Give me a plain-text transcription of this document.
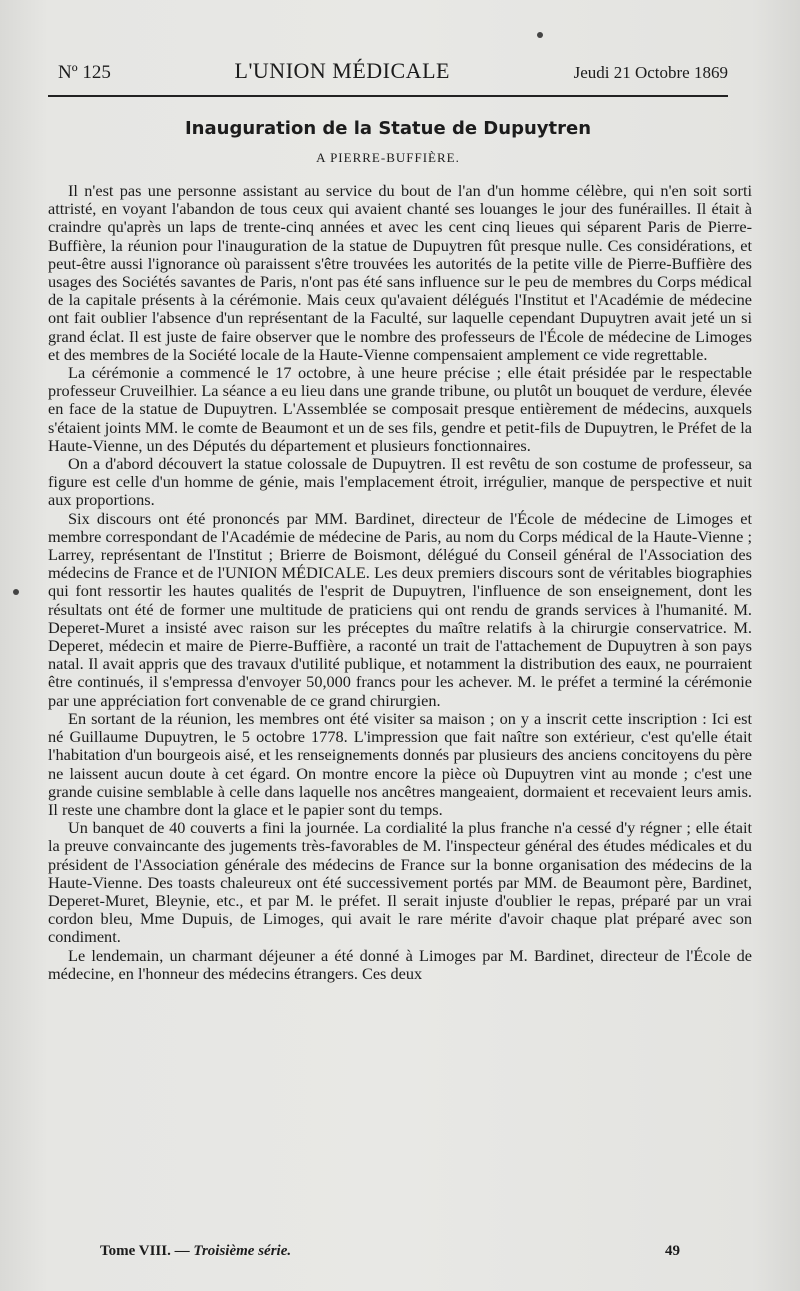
Nº 125	L'UNION MÉDICALE	Jeudi 21 Octobre 1869
Inauguration de la Statue de Dupuytren
A PIERRE-BUFFIÈRE.

Il n'est pas une personne assistant au service du bout de l'an d'un homme célèbre, qui n'en soit sorti attristé, en voyant l'abandon de tous ceux qui avaient chanté ses louanges le jour des funérailles. Il était à craindre qu'après un laps de trente-cinq années et avec les cent cinq lieues qui séparent Paris de Pierre-Buffière, la réunion pour l'inauguration de la statue de Dupuytren fût presque nulle. Ces considérations, et peut-être aussi l'ignorance où paraissent s'être trouvées les autorités de la petite ville de Pierre-Buffière des usages des Sociétés savantes de Paris, n'ont pas été sans influence sur le peu de membres du Corps médical de la capitale présents à la cérémonie. Mais ceux qu'avaient délégués l'Institut et l'Académie de médecine ont fait oublier l'absence d'un représentant de la Faculté, sur laquelle cependant Dupuytren avait jeté un si grand éclat. Il est juste de faire observer que le nombre des professeurs de l'École de médecine de Limoges et des membres de la Société locale de la Haute-Vienne compensaient amplement ce vide regrettable.

La cérémonie a commencé le 17 octobre, à une heure précise ; elle était présidée par le respectable professeur Cruveilhier. La séance a eu lieu dans une grande tribune, ou plutôt un bouquet de verdure, élevée en face de la statue de Dupuytren. L'Assemblée se composait presque entièrement de médecins, auxquels s'étaient joints MM. le comte de Beaumont et un de ses fils, gendre et petit-fils de Dupuytren, le Préfet de la Haute-Vienne, un des Députés du département et plusieurs fonctionnaires.

On a d'abord découvert la statue colossale de Dupuytren. Il est revêtu de son costume de professeur, sa figure est celle d'un homme de génie, mais l'emplacement étroit, irrégulier, manque de perspective et nuit aux proportions.

Six discours ont été prononcés par MM. Bardinet, directeur de l'École de médecine de Limoges et membre correspondant de l'Académie de médecine de Paris, au nom du Corps médical de la Haute-Vienne ; Larrey, représentant de l'Institut ; Brierre de Boismont, délégué du Conseil général de l'Association des médecins de France et de l'UNION MÉDICALE. Les deux premiers discours sont de véritables biographies qui font ressortir les hautes qualités de l'esprit de Dupuytren, l'influence de son enseignement, dont les résultats ont été de former une multitude de praticiens qui ont rendu de grands services à l'humanité. M. Deperet-Muret a insisté avec raison sur les préceptes du maître relatifs à la chirurgie conservatrice. M. Deperet, médecin et maire de Pierre-Buffière, a raconté un trait de l'attachement de Dupuytren à son pays natal. Il avait appris que des travaux d'utilité publique, et notamment la distribution des eaux, ne pourraient être continués, il s'empressa d'envoyer 50,000 francs pour les achever. M. le préfet a terminé la cérémonie par une appréciation fort convenable de ce grand chirurgien.

En sortant de la réunion, les membres ont été visiter sa maison ; on y a inscrit cette inscription : Ici est né Guillaume Dupuytren, le 5 octobre 1778. L'impression que fait naître son extérieur, c'est qu'elle était l'habitation d'un bourgeois aisé, et les renseignements donnés par plusieurs des anciens concitoyens du père ne laissent aucun doute à cet égard. On montre encore la pièce où Dupuytren vint au monde ; c'est une grande cuisine semblable à celle dans laquelle nos ancêtres mangeaient, dormaient et recevaient leurs amis. Il reste une chambre dont la glace et le papier sont du temps.

Un banquet de 40 couverts a fini la journée. La cordialité la plus franche n'a cessé d'y régner ; elle était la preuve convaincante des jugements très-favorables de M. l'inspecteur général des études médicales et du président de l'Association générale des médecins de France sur la bonne organisation des médecins de la Haute-Vienne. Des toasts chaleureux ont été successivement portés par MM. de Beaumont père, Bardinet, Deperet-Muret, Bleynie, etc., et par M. le préfet. Il serait injuste d'oublier le repas, préparé par un vrai cordon bleu, Mme Dupuis, de Limoges, qui avait le rare mérite d'avoir chaque plat préparé avec son condiment.

Le lendemain, un charmant déjeuner a été donné à Limoges par M. Bardinet, directeur de l'École de médecine, en l'honneur des médecins étrangers. Ces deux

Tome VIII. — Troisième série.	49
